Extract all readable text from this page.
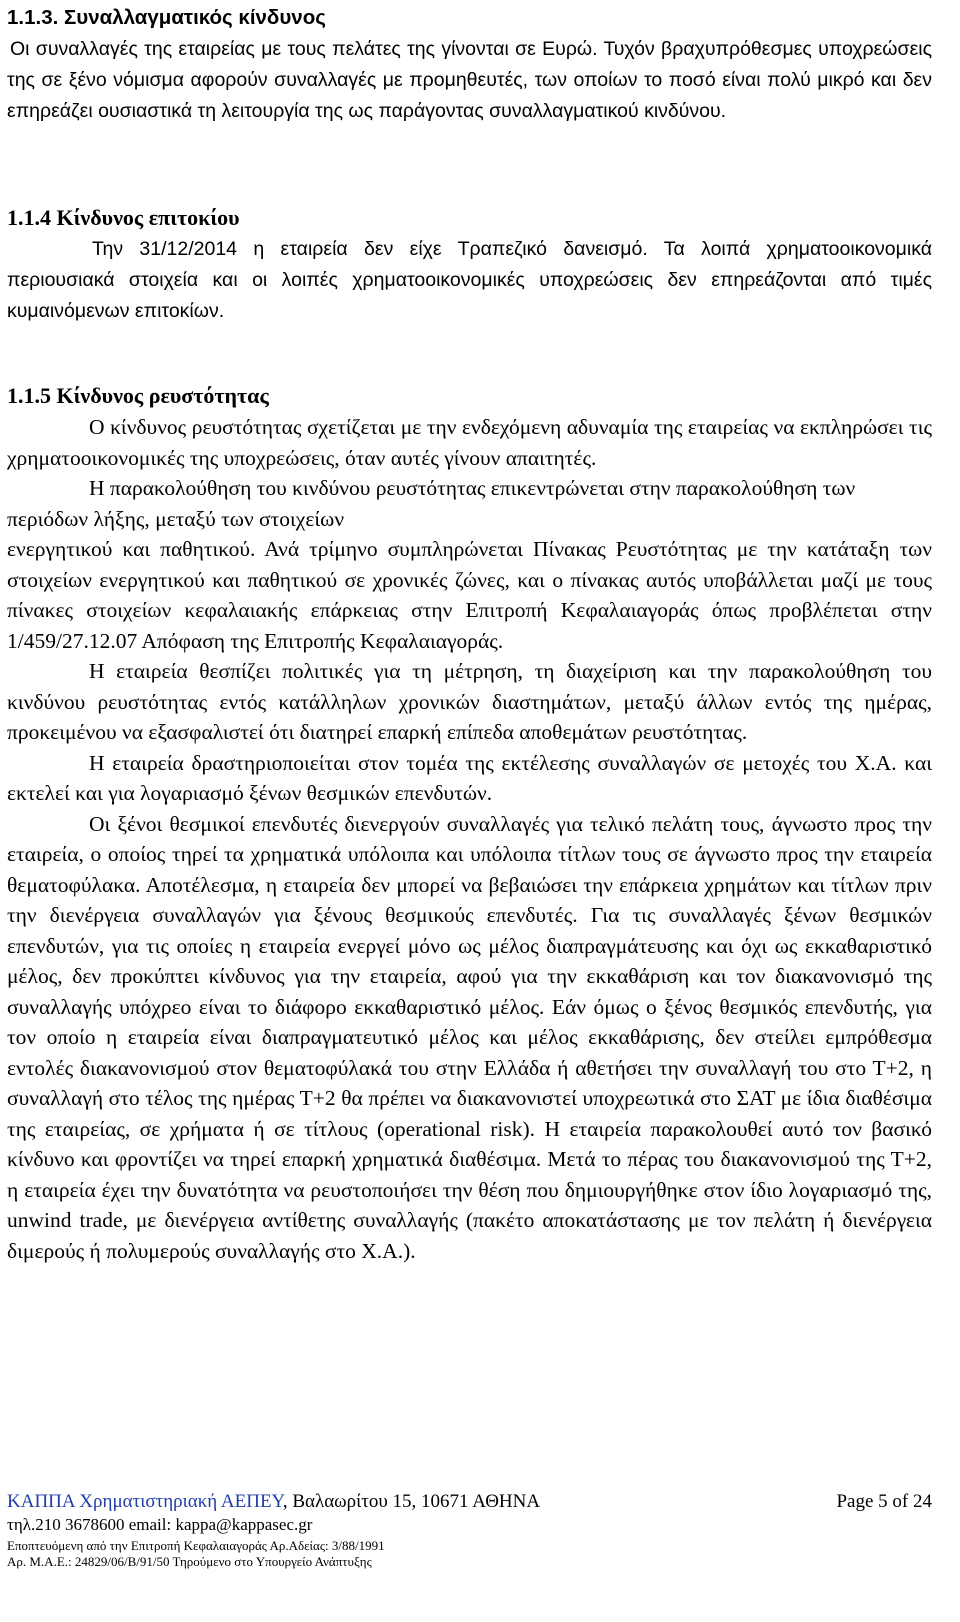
1.1.3. Συναλλαγματικός κίνδυνος

Οι συναλλαγές της εταιρείας με τους πελάτες της γίνονται σε Ευρώ. Τυχόν βραχυπρόθεσμες υποχρεώσεις της σε ξένο νόμισμα αφορούν συναλλαγές με προμηθευτές, των οποίων το ποσό είναι πολύ μικρό και δεν επηρεάζει ουσιαστικά τη λειτουργία της ως παράγοντας συναλλαγματικού κινδύνου.

1.1.4 Κίνδυνος επιτοκίου

Την 31/12/2014 η εταιρεία δεν είχε Τραπεζικό δανεισμό. Τα λοιπά χρηματοοικονομικά περιουσιακά στοιχεία και οι λοιπές χρηματοοικονομικές υποχρεώσεις δεν επηρεάζονται από τιμές κυμαινόμενων επιτοκίων.

1.1.5 Κίνδυνος ρευστότητας

Ο κίνδυνος ρευστότητας σχετίζεται με την ενδεχόμενη αδυναμία της εταιρείας να εκπληρώσει τις χρηματοοικονομικές της υποχρεώσεις, όταν αυτές γίνουν απαιτητές.

Η παρακολούθηση του κινδύνου ρευστότητας επικεντρώνεται στην παρακολούθηση των περιόδων λήξης, μεταξύ των στοιχείων

ενεργητικού και παθητικού. Ανά τρίμηνο συμπληρώνεται Πίνακας Ρευστότητας με την κατάταξη των στοιχείων ενεργητικού και παθητικού σε χρονικές ζώνες, και ο πίνακας αυτός υποβάλλεται μαζί με τους πίνακες στοιχείων κεφαλαιακής επάρκειας στην Επιτροπή Κεφαλαιαγοράς όπως προβλέπεται στην 1/459/27.12.07 Απόφαση της Επιτροπής Κεφαλαιαγοράς.

Η εταιρεία θεσπίζει πολιτικές για τη μέτρηση, τη διαχείριση και την παρακολούθηση του κινδύνου ρευστότητας εντός κατάλληλων χρονικών διαστημάτων, μεταξύ άλλων εντός της ημέρας, προκειμένου να εξασφαλιστεί ότι διατηρεί επαρκή επίπεδα αποθεμάτων ρευστότητας.

Η εταιρεία δραστηριοποιείται στον τομέα της εκτέλεσης συναλλαγών σε μετοχές του Χ.Α. και εκτελεί και για λογαριασμό ξένων θεσμικών επενδυτών.

Οι ξένοι θεσμικοί επενδυτές διενεργούν συναλλαγές για τελικό πελάτη τους, άγνωστο προς την εταιρεία, ο οποίος τηρεί τα χρηματικά υπόλοιπα και υπόλοιπα τίτλων τους σε άγνωστο προς την εταιρεία θεματοφύλακα. Αποτέλεσμα, η εταιρεία δεν μπορεί να βεβαιώσει την επάρκεια χρημάτων και τίτλων πριν την διενέργεια συναλλαγών για ξένους θεσμικούς επενδυτές. Για τις συναλλαγές ξένων θεσμικών επενδυτών, για τις οποίες η εταιρεία ενεργεί μόνο ως μέλος διαπραγμάτευσης και όχι ως εκκαθαριστικό μέλος, δεν προκύπτει κίνδυνος για την εταιρεία, αφού για την εκκαθάριση και τον διακανονισμό της συναλλαγής υπόχρεο είναι το διάφορο εκκαθαριστικό μέλος. Εάν όμως ο ξένος θεσμικός επενδυτής, για τον οποίο η εταιρεία είναι διαπραγματευτικό μέλος και μέλος εκκαθάρισης, δεν στείλει εμπρόθεσμα εντολές διακανονισμού στον θεματοφύλακά του στην Ελλάδα ή αθετήσει την συναλλαγή του στο Τ+2, η συναλλαγή στο τέλος της ημέρας Τ+2 θα πρέπει να διακανονιστεί υποχρεωτικά στο ΣΑΤ με ίδια διαθέσιμα της εταιρείας, σε χρήματα ή σε τίτλους (operational risk). Η εταιρεία παρακολουθεί αυτό τον βασικό κίνδυνο και φροντίζει να τηρεί επαρκή χρηματικά διαθέσιμα. Μετά το πέρας του διακανονισμού της Τ+2, η εταιρεία έχει την δυνατότητα να ρευστοποιήσει την θέση που δημιουργήθηκε στον ίδιο λογαριασμό της, unwind trade, με διενέργεια αντίθετης συναλλαγής (πακέτο αποκατάστασης με τον πελάτη ή διενέργεια διμερούς ή πολυμερούς συναλλαγής στο Χ.Α.).

ΚΑΠΠΑ Χρηματιστηριακή ΑΕΠΕΥ, Βαλαωρίτου 15, 10671 ΑΘΗΝΑ	Page 5 of 24
τηλ.210 3678600 email: kappa@kappasec.gr
Εποπτευόμενη από την Επιτροπή Κεφαλαιαγοράς Αρ.Αδείας: 3/88/1991
Αρ. Μ.Α.Ε.: 24829/06/Β/91/50 Τηρούμενο στο Υπουργείο Ανάπτυξης
